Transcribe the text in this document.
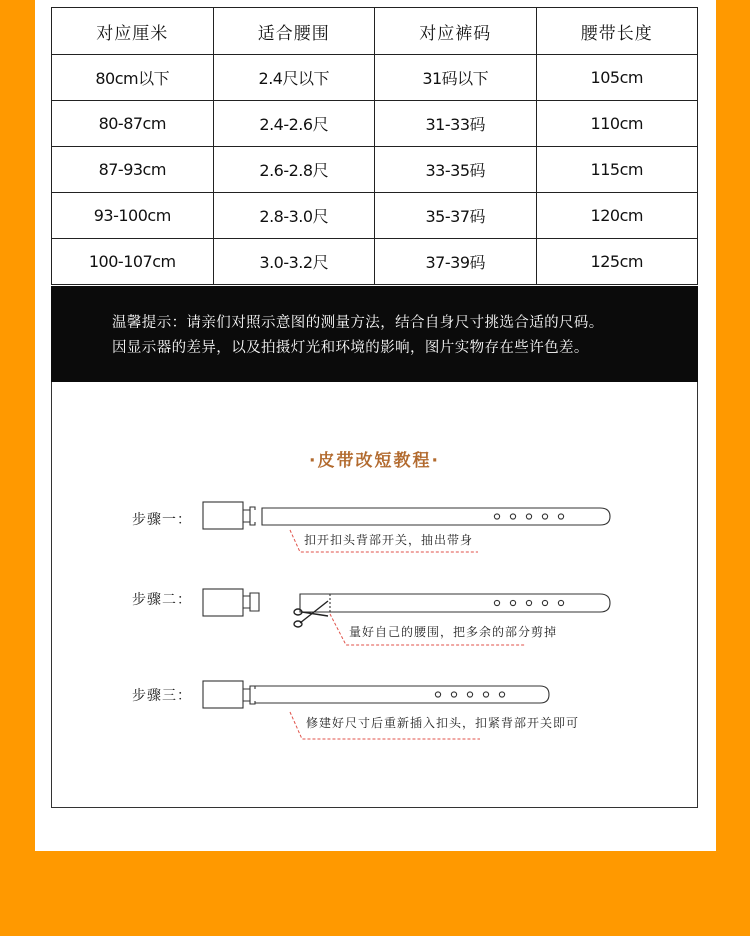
对应厘米	适合腰围	对应裤码	腰带长度
80cm以下	2.4尺以下	31码以下	105cm
80-87cm	2.4-2.6尺	31-33码	110cm
87-93cm	2.6-2.8尺	33-35码	115cm
93-100cm	2.8-3.0尺	35-37码	120cm
100-107cm	3.0-3.2尺	37-39码	125cm
温馨提示：请亲们对照示意图的测量方法，结合自身尺寸挑选合适的尺码。
因显示器的差异，以及拍摄灯光和环境的影响，图片实物存在些许色差。
·皮带改短教程·
步骤一：
步骤二：
步骤三：
扣开扣头背部开关，抽出带身
量好自己的腰围，把多余的部分剪掉
修建好尺寸后重新插入扣头，扣紧背部开关即可
